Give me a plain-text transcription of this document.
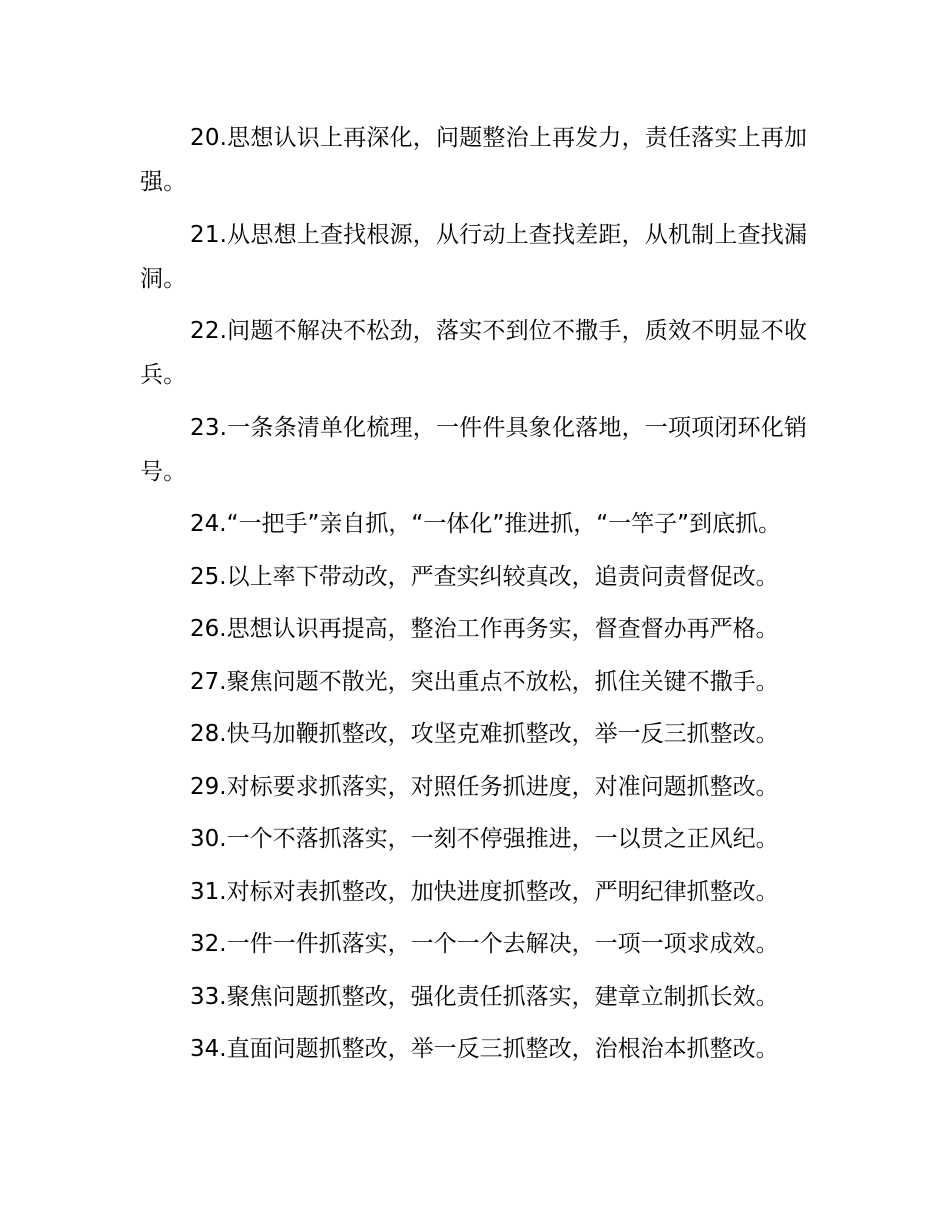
20.思想认识上再深化，问题整治上再发力，责任落实上再加强。

21.从思想上查找根源，从行动上查找差距，从机制上查找漏洞。

22.问题不解决不松劲，落实不到位不撒手，质效不明显不收兵。

23.一条条清单化梳理，一件件具象化落地，一项项闭环化销号。

24.“一把手”亲自抓，“一体化”推进抓，“一竿子”到底抓。

25.以上率下带动改，严查实纠较真改，追责问责督促改。

26.思想认识再提高，整治工作再务实，督查督办再严格。

27.聚焦问题不散光，突出重点不放松，抓住关键不撒手。

28.快马加鞭抓整改，攻坚克难抓整改，举一反三抓整改。

29.对标要求抓落实，对照任务抓进度，对准问题抓整改。

30.一个不落抓落实，一刻不停强推进，一以贯之正风纪。

31.对标对表抓整改，加快进度抓整改，严明纪律抓整改。

32.一件一件抓落实，一个一个去解决，一项一项求成效。

33.聚焦问题抓整改，强化责任抓落实，建章立制抓长效。

34.直面问题抓整改，举一反三抓整改，治根治本抓整改。
